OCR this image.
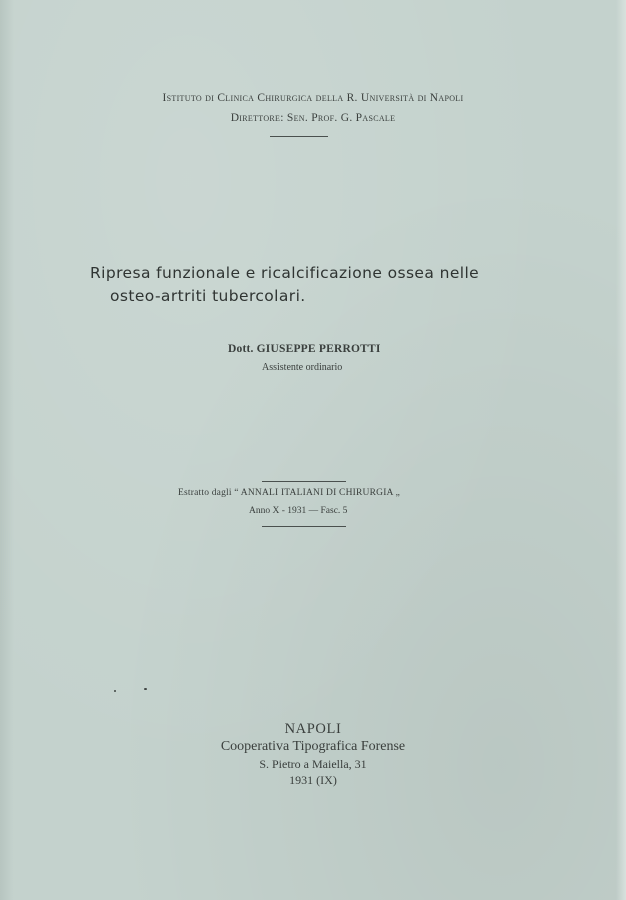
Istituto di Clinica Chirurgica della R. Università di Napoli
Direttore: Sen. Prof. G. Pascale
Ripresa funzionale e ricalcificazione ossea nelle
osteo-artriti tubercolari.
Dott. GIUSEPPE PERROTTI
Assistente ordinario
Estratto dagli “ ANNALI ITALIANI DI CHIRURGIA „
Anno X - 1931 — Fasc. 5
NAPOLI
Cooperativa Tipografica Forense
S. Pietro a Maiella, 31
1931 (IX)
